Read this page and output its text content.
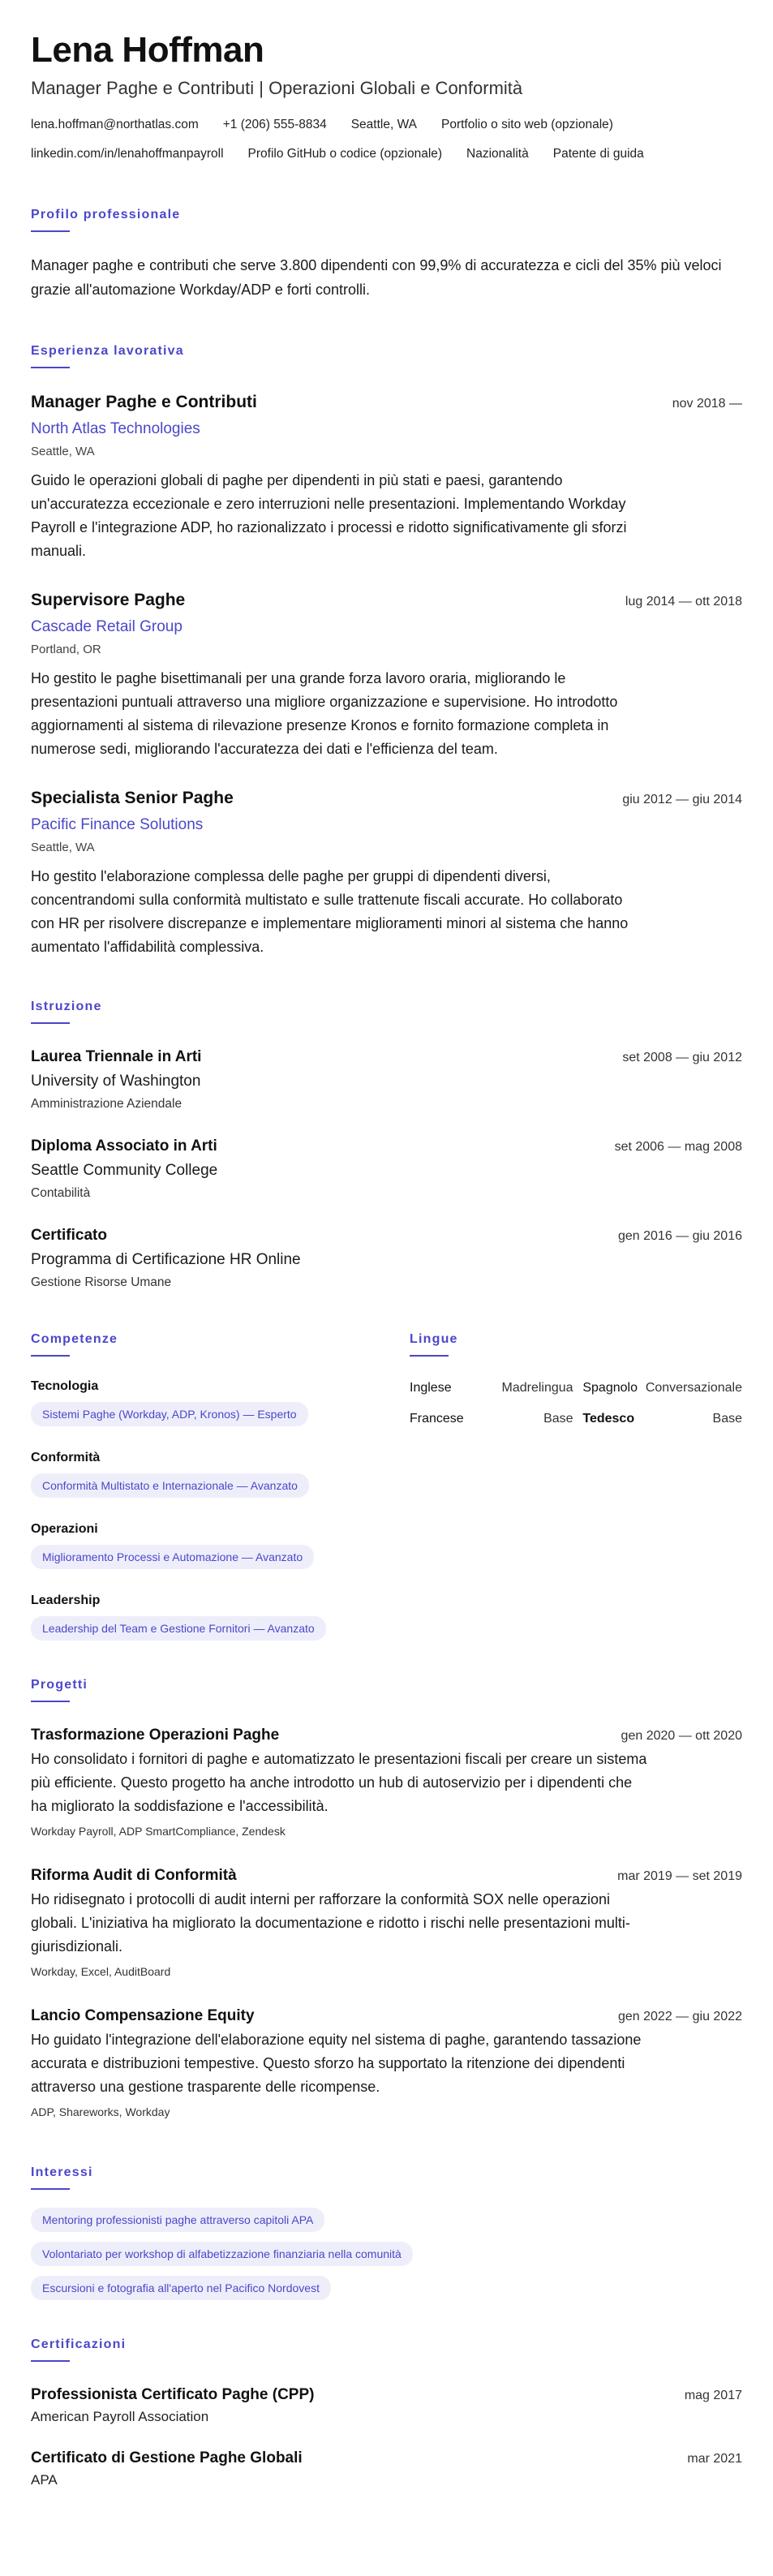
Lena Hoffman
Manager Paghe e Contributi | Operazioni Globali e Conformità
lena.hoffman@northatlas.com +1 (206) 555-8834 Seattle, WA Portfolio o sito web (opzionale)
linkedin.com/in/lenahoffmanpayroll Profilo GitHub o codice (opzionale) Nazionalità Patente di guida
Profilo professionale

Manager paghe e contributi che serve 3.800 dipendenti con 99,9% di accuratezza e cicli del 35% più veloci grazie all'automazione Workday/ADP e forti controlli.

Esperienza lavorativa
Manager Paghe e Contributi	nov 2018 —
North Atlas Technologies
Seattle, WA

Guido le operazioni globali di paghe per dipendenti in più stati e paesi, garantendo un'accuratezza eccezionale e zero interruzioni nelle presentazioni. Implementando Workday Payroll e l'integrazione ADP, ho razionalizzato i processi e ridotto significativamente gli sforzi manuali.

Supervisore Paghe	lug 2014 — ott 2018
Cascade Retail Group
Portland, OR

Ho gestito le paghe bisettimanali per una grande forza lavoro oraria, migliorando le presentazioni puntuali attraverso una migliore organizzazione e supervisione. Ho introdotto aggiornamenti al sistema di rilevazione presenze Kronos e fornito formazione completa in numerose sedi, migliorando l'accuratezza dei dati e l'efficienza del team.

Specialista Senior Paghe	giu 2012 — giu 2014
Pacific Finance Solutions
Seattle, WA

Ho gestito l'elaborazione complessa delle paghe per gruppi di dipendenti diversi, concentrandomi sulla conformità multistato e sulle trattenute fiscali accurate. Ho collaborato con HR per risolvere discrepanze e implementare miglioramenti minori al sistema che hanno aumentato l'affidabilità complessiva.

Istruzione
Laurea Triennale in Arti	set 2008 — giu 2012
University of Washington
Amministrazione Aziendale
Diploma Associato in Arti	set 2006 — mag 2008
Seattle Community College
Contabilità
Certificato	gen 2016 — giu 2016
Programma di Certificazione HR Online
Gestione Risorse Umane
Competenze
Tecnologia
Sistemi Paghe (Workday, ADP, Kronos) — Esperto
Conformità
Conformità Multistato e Internazionale — Avanzato
Operazioni
Miglioramento Processi e Automazione — Avanzato
Leadership
Leadership del Team e Gestione Fornitori — Avanzato
Lingue
Inglese	Madrelingua Spagnolo Conversazionale
Francese	Base Tedesco	Base
Progetti
Trasformazione Operazioni Paghe	gen 2020 — ott 2020

Ho consolidato i fornitori di paghe e automatizzato le presentazioni fiscali per creare un sistema più efficiente. Questo progetto ha anche introdotto un hub di autoservizio per i dipendenti che ha migliorato la soddisfazione e l'accessibilità.

Workday Payroll, ADP SmartCompliance, Zendesk
Riforma Audit di Conformità	mar 2019 — set 2019

Ho ridisegnato i protocolli di audit interni per rafforzare la conformità SOX nelle operazioni globali. L'iniziativa ha migliorato la documentazione e ridotto i rischi nelle presentazioni multi-giurisdizionali.

Workday, Excel, AuditBoard
Lancio Compensazione Equity	gen 2022 — giu 2022

Ho guidato l'integrazione dell'elaborazione equity nel sistema di paghe, garantendo tassazione accurata e distribuzioni tempestive. Questo sforzo ha supportato la ritenzione dei dipendenti attraverso una gestione trasparente delle ricompense.

ADP, Shareworks, Workday
Interessi
Mentoring professionisti paghe attraverso capitoli APA
Volontariato per workshop di alfabetizzazione finanziaria nella comunità
Escursioni e fotografia all'aperto nel Pacifico Nordovest
Certificazioni
Professionista Certificato Paghe (CPP)	mag 2017
American Payroll Association
Certificato di Gestione Paghe Globali	mar 2021
APA
